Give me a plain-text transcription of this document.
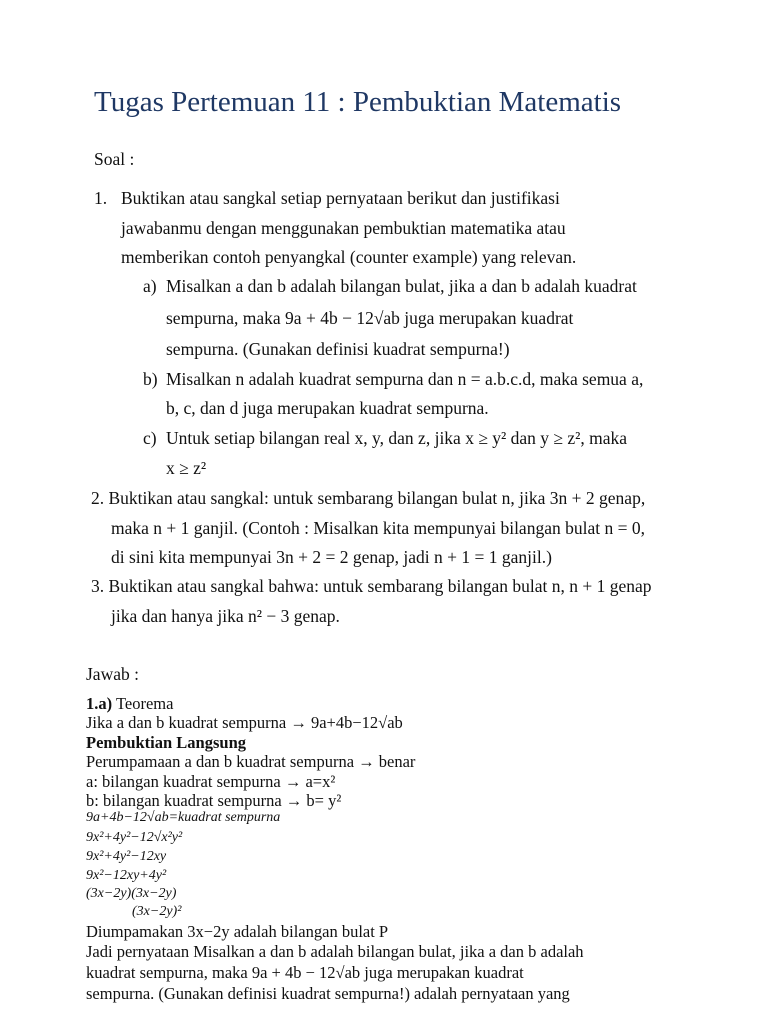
Tugas Pertemuan 11 : Pembuktian Matematis
Soal :
1. Buktikan atau sangkal setiap pernyataan berikut dan justifikasi
jawabanmu dengan menggunakan pembuktian matematika atau
memberikan contoh penyangkal (counter example) yang relevan.
a) Misalkan a dan b adalah bilangan bulat, jika a dan b adalah kuadrat
sempurna, maka 9a + 4b − 12√ab juga merupakan kuadrat
sempurna. (Gunakan definisi kuadrat sempurna!)
b) Misalkan n adalah kuadrat sempurna dan n = a.b.c.d, maka semua a,
b, c, dan d juga merupakan kuadrat sempurna.
c) Untuk setiap bilangan real x, y, dan z, jika x ≥ y² dan y ≥ z², maka
x ≥ z²
2. Buktikan atau sangkal: untuk sembarang bilangan bulat n, jika 3n + 2 genap,
maka n + 1 ganjil. (Contoh : Misalkan kita mempunyai bilangan bulat n = 0,
di sini kita mempunyai 3n + 2 = 2 genap, jadi n + 1 = 1 ganjil.)
3. Buktikan atau sangkal bahwa: untuk sembarang bilangan bulat n, n + 1 genap
jika dan hanya jika n² − 3 genap.
Jawab :
1.a) Teorema
Jika a dan b kuadrat sempurna → 9a+4b−12√ab
Pembuktian Langsung
Perumpamaan a dan b kuadrat sempurna → benar
a: bilangan kuadrat sempurna → a=x²
b: bilangan kuadrat sempurna → b= y²
9a+4b−12√ab=kuadrat sempurna
9x²+4y²−12√x²y²
9x²+4y²−12xy
9x²−12xy+4y²
(3x−2y)(3x−2y)
(3x−2y)²
Diumpamakan 3x−2y adalah bilangan bulat P
Jadi pernyataan Misalkan a dan b adalah bilangan bulat, jika a dan b adalah
kuadrat sempurna, maka 9a + 4b − 12√ab juga merupakan kuadrat
sempurna. (Gunakan definisi kuadrat sempurna!) adalah pernyataan yang
